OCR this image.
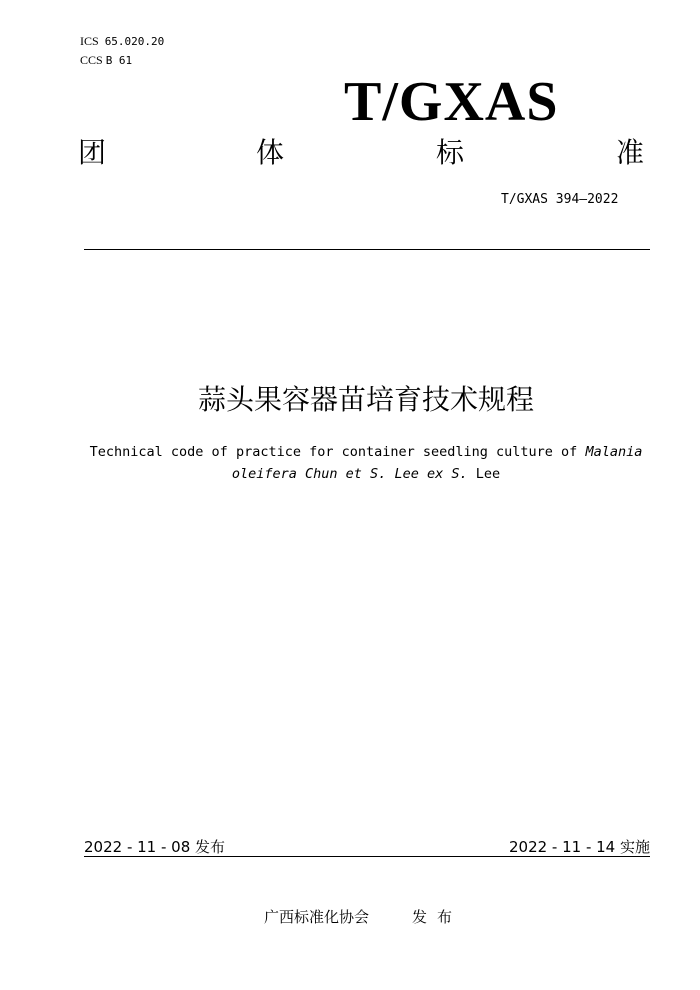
ICS 65.020.20
CCS B 61
T/GXAS
团	体	标	准
T/GXAS 394—2022
蒜头果容器苗培育技术规程
Technical code of practice for container seedling culture of Malania oleifera Chun et S. Lee ex S. Lee
2022 - 11 - 08 发布	2022 - 11 - 14 实施
广西标准化协会	发布
